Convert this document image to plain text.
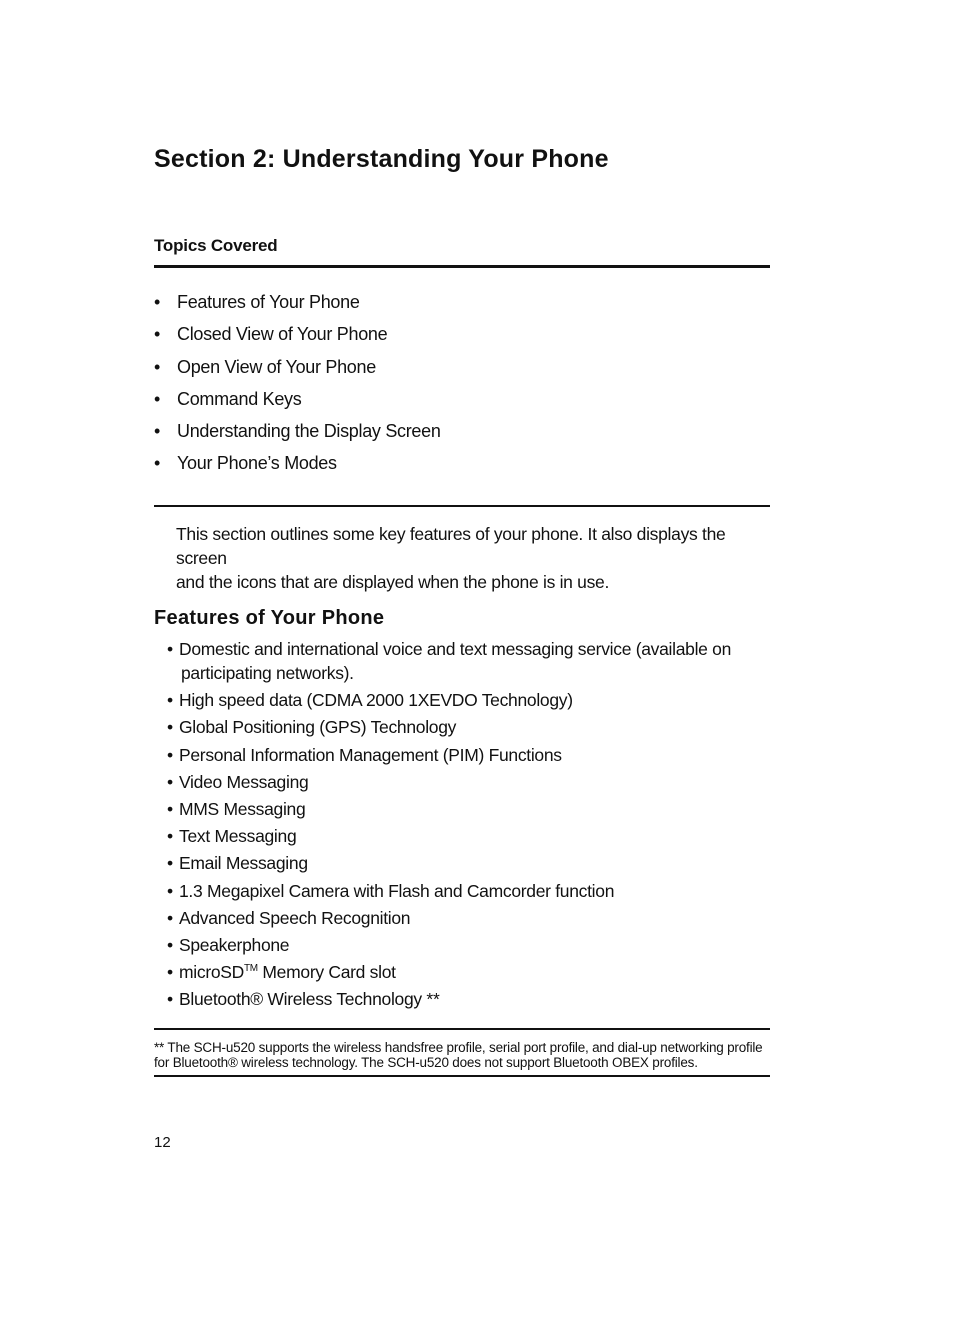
Section 2: Understanding Your Phone
Topics Covered
• Features of Your Phone
• Closed View of Your Phone
• Open View of Your Phone
• Command Keys
• Understanding the Display Screen
• Your Phone’s Modes
This section outlines some key features of your phone. It also displays the screen
and the icons that are displayed when the phone is in use.
Features of Your Phone
• Domestic and international voice and text messaging service (available on
participating networks).
• High speed data (CDMA 2000 1XEVDO Technology)
• Global Positioning (GPS) Technology
• Personal Information Management (PIM) Functions
• Video Messaging
• MMS Messaging
• Text Messaging
• Email Messaging
• 1.3 Megapixel Camera with Flash and Camcorder function
• Advanced Speech Recognition
• Speakerphone
• microSD™ Memory Card slot
• Bluetooth® Wireless Technology **
** The SCH-u520 supports the wireless handsfree profile, serial port profile, and dial-up networking profile
for Bluetooth® wireless technology. The SCH-u520 does not support Bluetooth OBEX profiles.
12
